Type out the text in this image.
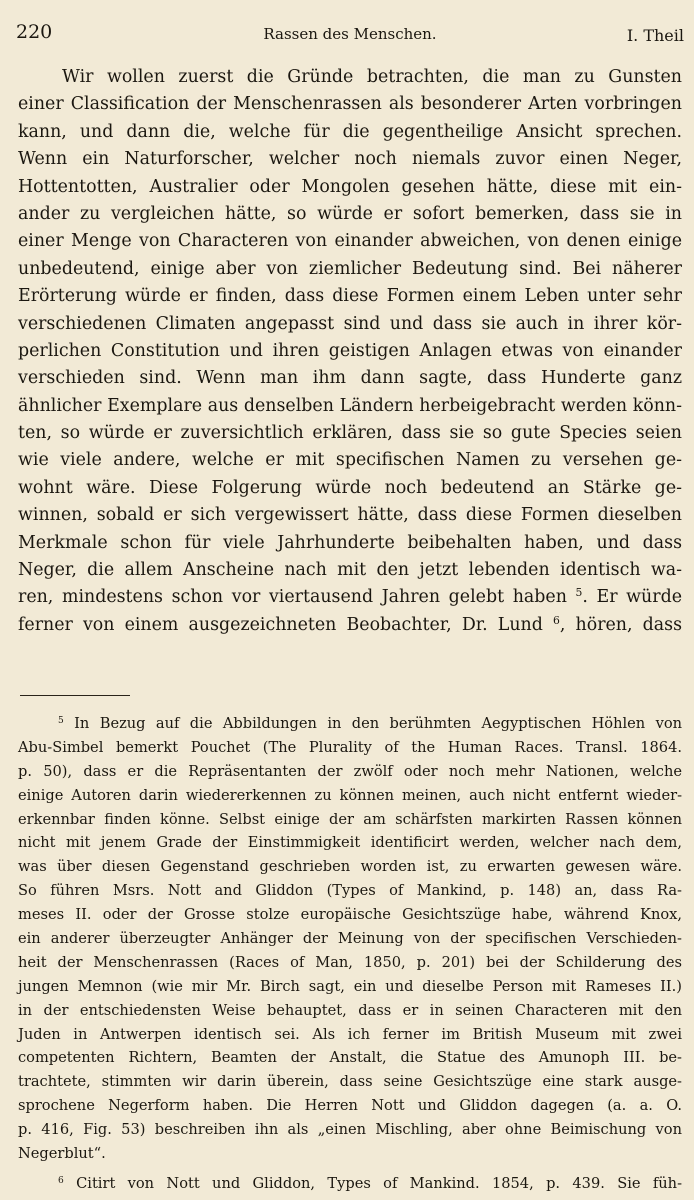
220	Rassen des Menschen.	I. Theil
Wir wollen zuerst die Gründe betrachten, die man zu Gunsten
einer Classification der Menschenrassen als besonderer Arten vorbringen
kann, und dann die, welche für die gegentheilige Ansicht sprechen.
Wenn ein Naturforscher, welcher noch niemals zuvor einen Neger,
Hottentotten, Australier oder Mongolen gesehen hätte, diese mit ein-
ander zu vergleichen hätte, so würde er sofort bemerken, dass sie in
einer Menge von Characteren von einander abweichen, von denen einige
unbedeutend, einige aber von ziemlicher Bedeutung sind. Bei näherer
Erörterung würde er finden, dass diese Formen einem Leben unter sehr
verschiedenen Climaten angepasst sind und dass sie auch in ihrer kör-
perlichen Constitution und ihren geistigen Anlagen etwas von einander
verschieden sind. Wenn man ihm dann sagte, dass Hunderte ganz
ähnlicher Exemplare aus denselben Ländern herbeigebracht werden könn-
ten, so würde er zuversichtlich erklären, dass sie so gute Species seien
wie viele andere, welche er mit specifischen Namen zu versehen ge-
wohnt wäre. Diese Folgerung würde noch bedeutend an Stärke ge-
winnen, sobald er sich vergewissert hätte, dass diese Formen dieselben
Merkmale schon für viele Jahrhunderte beibehalten haben, und dass
Neger, die allem Anscheine nach mit den jetzt lebenden identisch wa-
ren, mindestens schon vor viertausend Jahren gelebt haben $^5$. Er würde
ferner von einem ausgezeichneten Beobachter, Dr. Lund $^6$, hören, dass
$^5$ In Bezug auf die Abbildungen in den berühmten Aegyptischen Höhlen von
Abu-Simbel bemerkt Pouchet (The Plurality of the Human Races. Transl. 1864.
p. 50), dass er die Repräsentanten der zwölf oder noch mehr Nationen, welche
einige Autoren darin wiedererkennen zu können meinen, auch nicht entfernt wieder-
erkennbar finden könne. Selbst einige der am schärfsten markirten Rassen können
nicht mit jenem Grade der Einstimmigkeit identificirt werden, welcher nach dem,
was über diesen Gegenstand geschrieben worden ist, zu erwarten gewesen wäre.
So führen Msrs. Nott and Gliddon (Types of Mankind, p. 148) an, dass Ra-
meses II. oder der Grosse stolze europäische Gesichtszüge habe, während Knox,
ein anderer überzeugter Anhänger der Meinung von der specifischen Verschieden-
heit der Menschenrassen (Races of Man, 1850, p. 201) bei der Schilderung des
jungen Memnon (wie mir Mr. Birch sagt, ein und dieselbe Person mit Rameses II.)
in der entschiedensten Weise behauptet, dass er in seinen Characteren mit den
Juden in Antwerpen identisch sei. Als ich ferner im British Museum mit zwei
competenten Richtern, Beamten der Anstalt, die Statue des Amunoph III. be-
trachtete, stimmten wir darin überein, dass seine Gesichtszüge eine stark ausge-
sprochene Negerform haben. Die Herren Nott und Gliddon dagegen (a. a. O.
p. 416, Fig. 53) beschreiben ihn als „einen Mischling, aber ohne Beimischung von
Negerblut“.
$^6$ Citirt von Nott und Gliddon, Types of Mankind. 1854, p. 439. Sie füh-
